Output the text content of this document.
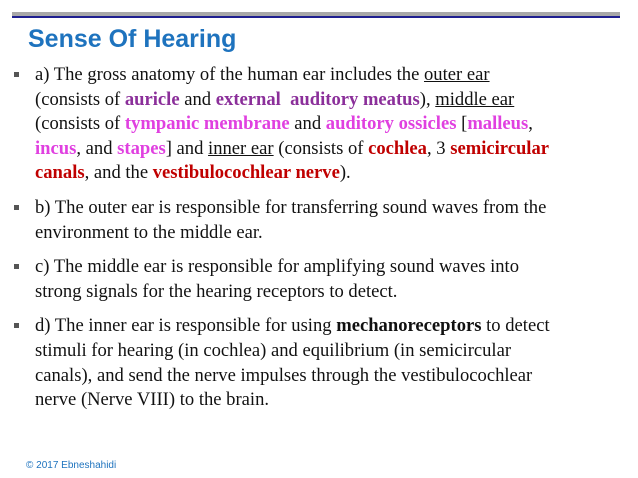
Sense Of Hearing
a) The gross anatomy of the human ear includes the outer ear
(consists of auricle and external  auditory meatus), middle ear
(consists of tympanic membrane and auditory ossicles [malleus,
incus, and stapes] and inner ear (consists of cochlea, 3 semicircular
canals, and the vestibulocochlear nerve).
b) The outer ear is responsible for transferring sound waves from the
environment to the middle ear.
c) The middle ear is responsible for amplifying sound waves into
strong signals for the hearing receptors to detect.
d) The inner ear is responsible for using mechanoreceptors to detect
stimuli for hearing (in cochlea) and equilibrium (in semicircular
canals), and send the nerve impulses through the vestibulocochlear
nerve (Nerve VIII) to the brain.
© 2017 Ebneshahidi
